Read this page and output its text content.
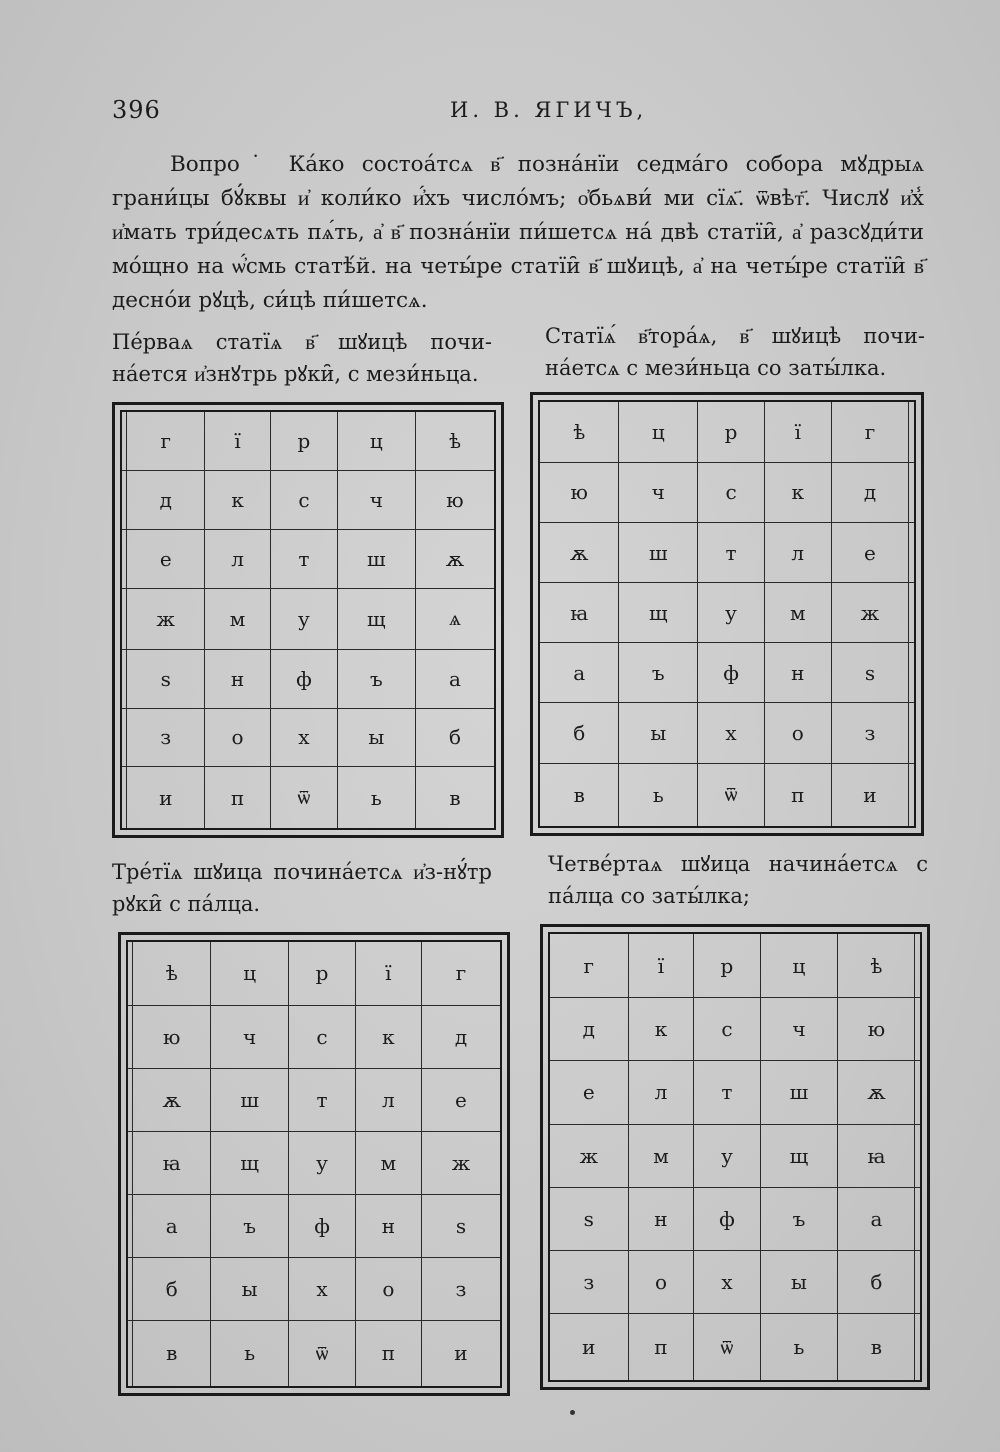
396	И. В. ЯГИЧЪ,
Вопро˙ Ка́ко состоа́тсѧ в҃ позна́нїи седма́го собора мꙋдрыѧ грани́цы бꙋ́квы и҆ коли́ко и҆́хъ число́мъ; о҆бьѧви́ ми сїѧ҃. ѿвѣт҃. Числꙋ и҆х̾ и҆мать три́десѧть пѧ́ть, а҆ в҃ позна́нїи пи́шетсѧ на́ двѣ статїи̑, а҆ разсꙋди́ти мо́щно на ѡ҆́смь статѣ́й. на четы́ре статїи̑ в҃ шꙋицѣ, а҆ на четы́ре статїи̑ в҃ десно́и рꙋцѣ, си́цѣ пи́шетсѧ.
Пе́рваѧ статїѧ в҃ шꙋицѣ почи-на́ется и҆знꙋтрь рꙋки̑, с мези́ньца.
Статїѧ́ в҃тора́ѧ, в҃ шꙋицѣ почи-на́етсѧ с мези́ньца со заты́лка.
	г	ї	р	ц	ѣ
	д	к	с	ч	ю
	е	л	т	ш	ѫ
	ж	м	у	щ	ѧ
	ѕ	н	ф	ъ	а
	з	о	х	ы	б
	и	п	ѿ	ь	в
ѣ	ц	р	ї	г	
ю	ч	с	к	д	
ѫ	ш	т	л	е	
ꙗ	щ	у	м	ж	
а	ъ	ф	н	ѕ	
б	ы	х	о	з	
в	ь	ѿ	п	и	
Тре́тїѧ шꙋица почина́етсѧ и҆з-нꙋ́тр рꙋки̑ с па́лца.
Четве́ртаѧ шꙋица начина́етсѧ с па́лца со заты́лка;
	ѣ	ц	р	ї	г
	ю	ч	с	к	д
	ѫ	ш	т	л	е
	ꙗ	щ	у	м	ж
	а	ъ	ф	н	ѕ
	б	ы	х	о	з
	в	ь	ѿ	п	и
г	ї	р	ц	ѣ	
д	к	с	ч	ю	
е	л	т	ш	ѫ	
ж	м	у	щ	ꙗ	
ѕ	н	ф	ъ	а	
з	о	х	ы	б	
и	п	ѿ	ь	в	
